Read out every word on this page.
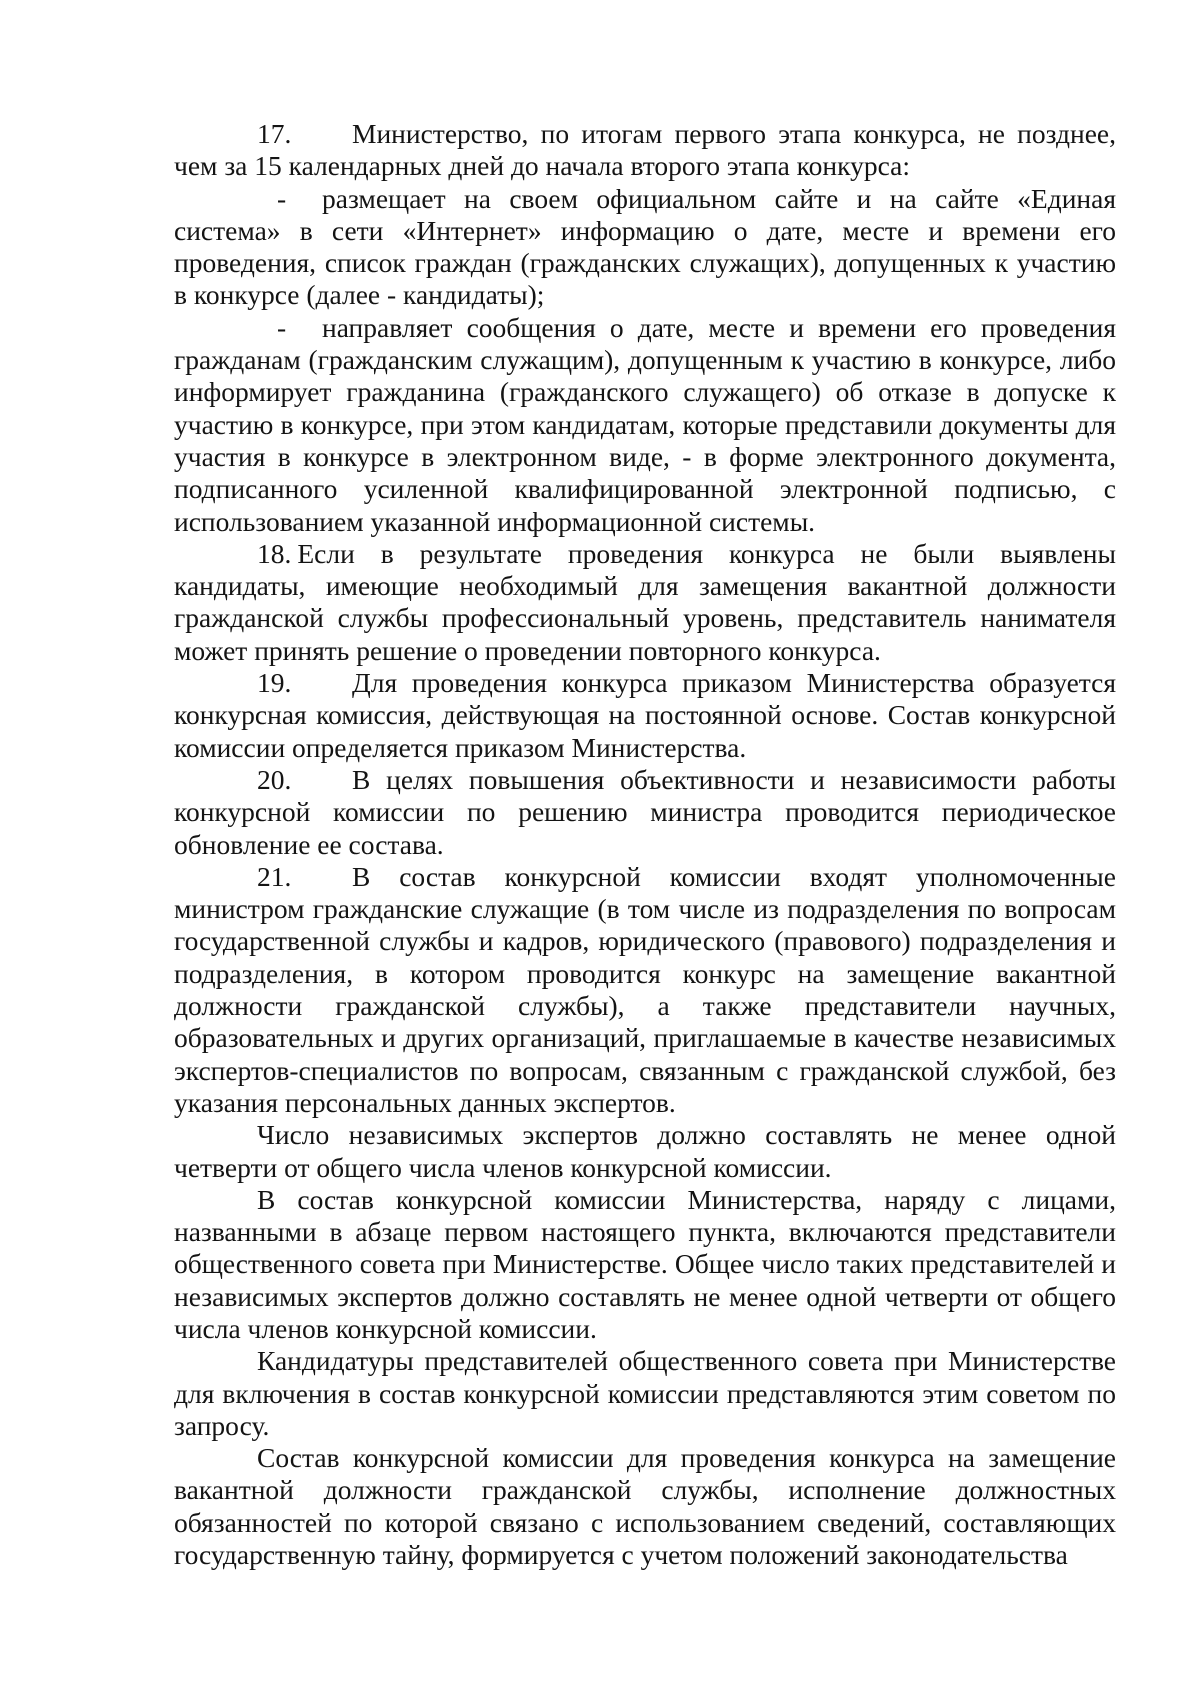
17. Министерство, по итогам первого этапа конкурса, не позднее, чем за 15 календарных дней до начала второго этапа конкурса:

- размещает на своем официальном сайте и на сайте «Единая система» в сети «Интернет» информацию о дате, месте и времени его проведения, список граждан (гражданских служащих), допущенных к участию в конкурсе (далее - кандидаты);

- направляет сообщения о дате, месте и времени его проведения гражданам (гражданским служащим), допущенным к участию в конкурсе, либо информирует гражданина (гражданского служащего) об отказе в допуске к участию в конкурсе, при этом кандидатам, которые представили документы для участия в конкурсе в электронном виде, - в форме электронного документа, подписанного усиленной квалифицированной электронной подписью, с использованием указанной информационной системы.

18. Если в результате проведения конкурса не были выявлены кандидаты, имеющие необходимый для замещения вакантной должности гражданской службы профессиональный уровень, представитель нанимателя может принять решение о проведении повторного конкурса.

19. Для проведения конкурса приказом Министерства образуется конкурсная комиссия, действующая на постоянной основе. Состав конкурсной комиссии определяется приказом Министерства.

20. В целях повышения объективности и независимости работы конкурсной комиссии по решению министра проводится периодическое обновление ее состава.

21. В состав конкурсной комиссии входят уполномоченные министром гражданские служащие (в том числе из подразделения по вопросам государственной службы и кадров, юридического (правового) подразделения и подразделения, в котором проводится конкурс на замещение вакантной должности гражданской службы), а также представители научных, образовательных и других организаций, приглашаемые в качестве независимых экспертов-специалистов по вопросам, связанным с гражданской службой, без указания персональных данных экспертов.

Число независимых экспертов должно составлять не менее одной четверти от общего числа членов конкурсной комиссии.

В состав конкурсной комиссии Министерства, наряду с лицами, названными в абзаце первом настоящего пункта, включаются представители общественного совета при Министерстве. Общее число таких представителей и независимых экспертов должно составлять не менее одной четверти от общего числа членов конкурсной комиссии.

Кандидатуры представителей общественного совета при Министерстве для включения в состав конкурсной комиссии представляются этим советом по запросу.

Состав конкурсной комиссии для проведения конкурса на замещение вакантной должности гражданской службы, исполнение должностных обязанностей по которой связано с использованием сведений, составляющих государственную тайну, формируется с учетом положений законодательства
